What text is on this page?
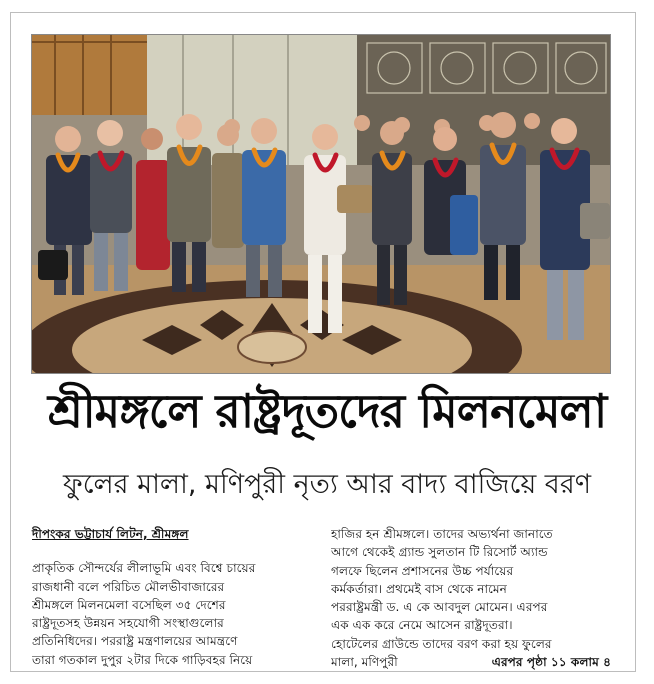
শ্রীমঙ্গলে রাষ্ট্রদূতদের মিলনমেলা
ফুলের মালা, মণিপুরী নৃত্য আর বাদ্য বাজিয়ে বরণ
দীপংকর ভট্টাচার্য লিটন, শ্রীমঙ্গল
প্রাকৃতিক সৌন্দর্যের লীলাভূমি এবং বিশ্বে চায়ের
রাজধানী বলে পরিচিত মৌলভীবাজারের
শ্রীমঙ্গলে মিলনমেলা বসেছিল ৩৫ দেশের
রাষ্ট্রদূতসহ উন্নয়ন সহযোগী সংস্থাগুলোর
প্রতিনিধিদের। পররাষ্ট্র মন্ত্রণালয়ের আমন্ত্রণে
তারা গতকাল দুপুর ২টার দিকে গাড়িবহর নিয়ে
হাজির হন শ্রীমঙ্গলে। তাদের অভ্যর্থনা জানাতে
আগে থেকেই গ্র্যান্ড সুলতান টি রিসোর্ট অ্যান্ড
গলফে ছিলেন প্রশাসনের উচ্চ পর্যায়ের
কর্মকর্তারা। প্রথমেই বাস থেকে নামেন
পররাষ্ট্রমন্ত্রী ড. এ কে আবদুল মোমেন। এরপর
এক এক করে নেমে আসেন রাষ্ট্রদূতরা।
হোটেলের গ্রাউন্ডে তাদের বরণ করা হয় ফুলের
মালা, মণিপুরী	এরপর পৃষ্ঠা ১১ কলাম ৪
